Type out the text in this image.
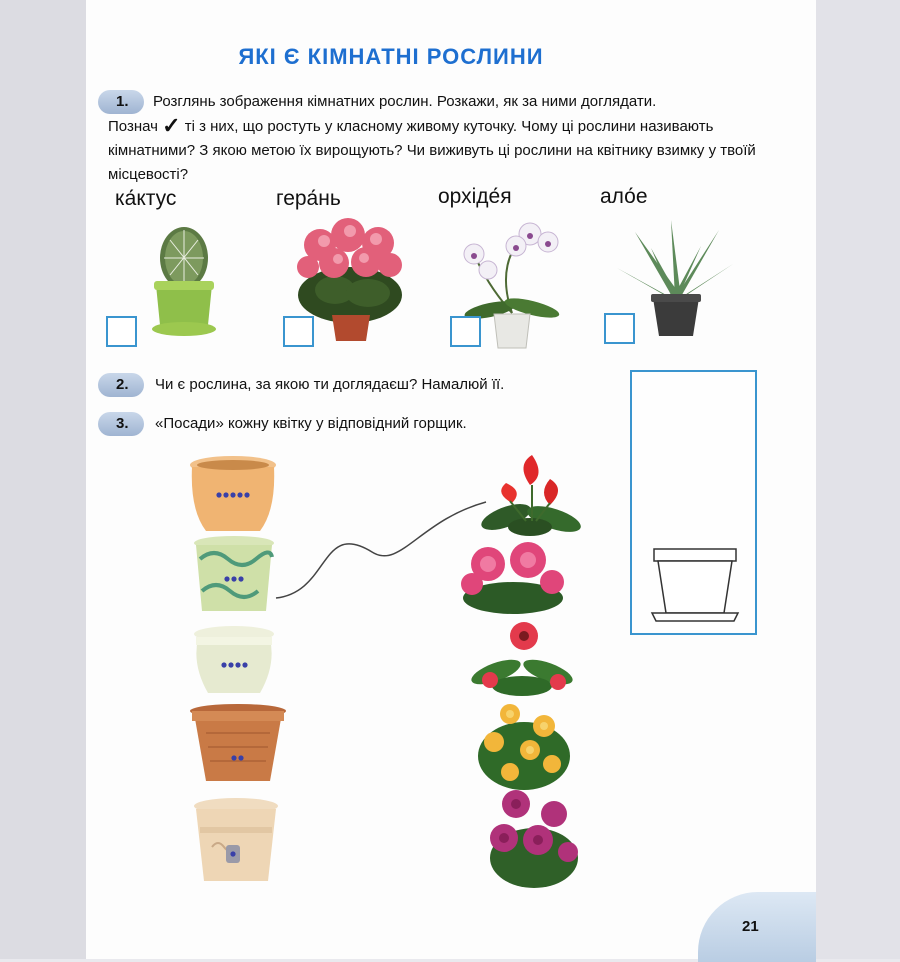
ЯКІ Є КІМНАТНІ РОСЛИНИ
1. Розглянь зображення кімнатних рослин. Розкажи, як за ними доглядати.
Познач ✓ ті з них, що ростуть у класному живому куточку. Чому ці рослини називають кімнатними? З якою метою їх вирощують? Чи виживуть ці рослини на квітнику взимку у твоїй місцевості?
ка́ктус	гера́нь	орхіде́я	ало́е
2. Чи є рослина, за якою ти доглядаєш? Намалюй її.
3. «Посади» кожну квітку у відповідний горщик.
21
